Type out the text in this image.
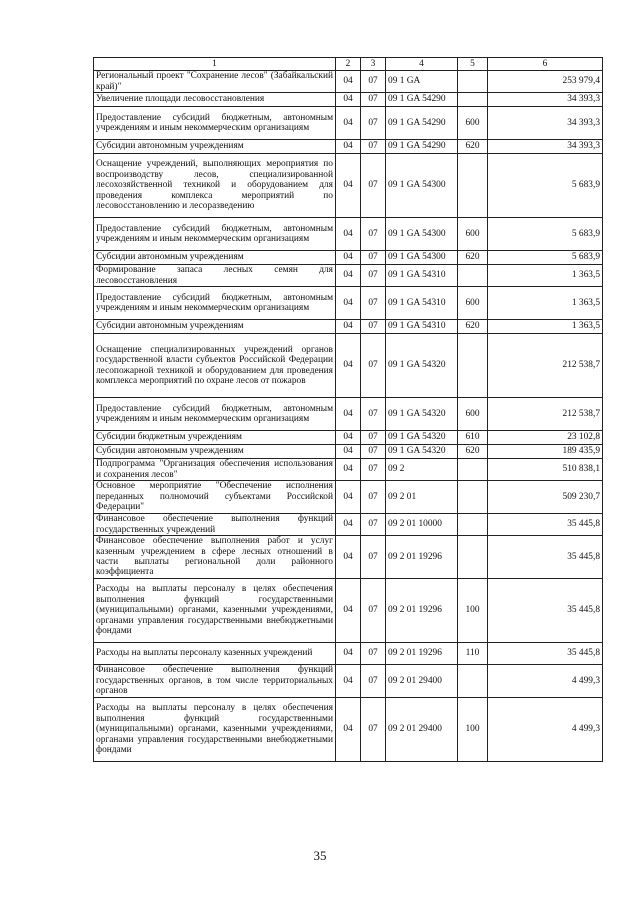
1	2	3	4	5	6
Региональный проект "Сохранение лесов" (Забайкальский край)"	04	07	09 1 GA		253 979,4
Увеличение площади лесовосстановления	04	07	09 1 GA 54290		34 393,3
Предоставление субсидий бюджетным, автономным учреждениям и иным некоммерческим организациям	04	07	09 1 GA 54290	600	34 393,3
Субсидии автономным учреждениям	04	07	09 1 GA 54290	620	34 393,3
Оснащение учреждений, выполняющих мероприятия по воспроизводству лесов, специализированной лесохозяйственной техникой и оборудованием для проведения комплекса мероприятий по лесовосстановлению и лесоразведению	04	07	09 1 GA 54300		5 683,9
Предоставление субсидий бюджетным, автономным учреждениям и иным некоммерческим организациям	04	07	09 1 GA 54300	600	5 683,9
Субсидии автономным учреждениям	04	07	09 1 GA 54300	620	5 683,9
Формирование запаса лесных семян для лесовосстановления	04	07	09 1 GA 54310		1 363,5
Предоставление субсидий бюджетным, автономным учреждениям и иным некоммерческим организациям	04	07	09 1 GA 54310	600	1 363,5
Субсидии автономным учреждениям	04	07	09 1 GA 54310	620	1 363,5
Оснащение специализированных учреждений органов государственной власти субъектов Российской Федерации лесопожарной техникой и оборудованием для проведения комплекса мероприятий по охране лесов от пожаров	04	07	09 1 GA 54320		212 538,7
Предоставление субсидий бюджетным, автономным учреждениям и иным некоммерческим организациям	04	07	09 1 GA 54320	600	212 538,7
Субсидии бюджетным учреждениям	04	07	09 1 GA 54320	610	23 102,8
Субсидии автономным учреждениям	04	07	09 1 GA 54320	620	189 435,9
Подпрограмма "Организация обеспечения использования и сохранения лесов"	04	07	09 2		510 838,1
Основное мероприятие "Обеспечение исполнения переданных полномочий субъектами Российской Федерации"	04	07	09 2 01		509 230,7
Финансовое обеспечение выполнения функций государственных учреждений	04	07	09 2 01 10000		35 445,8
Финансовое обеспечение выполнения работ и услуг казенным учреждением в сфере лесных отношений в части выплаты региональной доли районного коэффициента	04	07	09 2 01 19296		35 445,8
Расходы на выплаты персоналу в целях обеспечения выполнения функций государственными (муниципальными) органами, казенными учреждениями, органами управления государственными внебюджетными фондами	04	07	09 2 01 19296	100	35 445,8
Расходы на выплаты персоналу казенных учреждений	04	07	09 2 01 19296	110	35 445,8
Финансовое обеспечение выполнения функций государственных органов, в том числе территориальных органов	04	07	09 2 01 29400		4 499,3
Расходы на выплаты персоналу в целях обеспечения выполнения функций государственными (муниципальными) органами, казенными учреждениями, органами управления государственными внебюджетными фондами	04	07	09 2 01 29400	100	4 499,3
35
